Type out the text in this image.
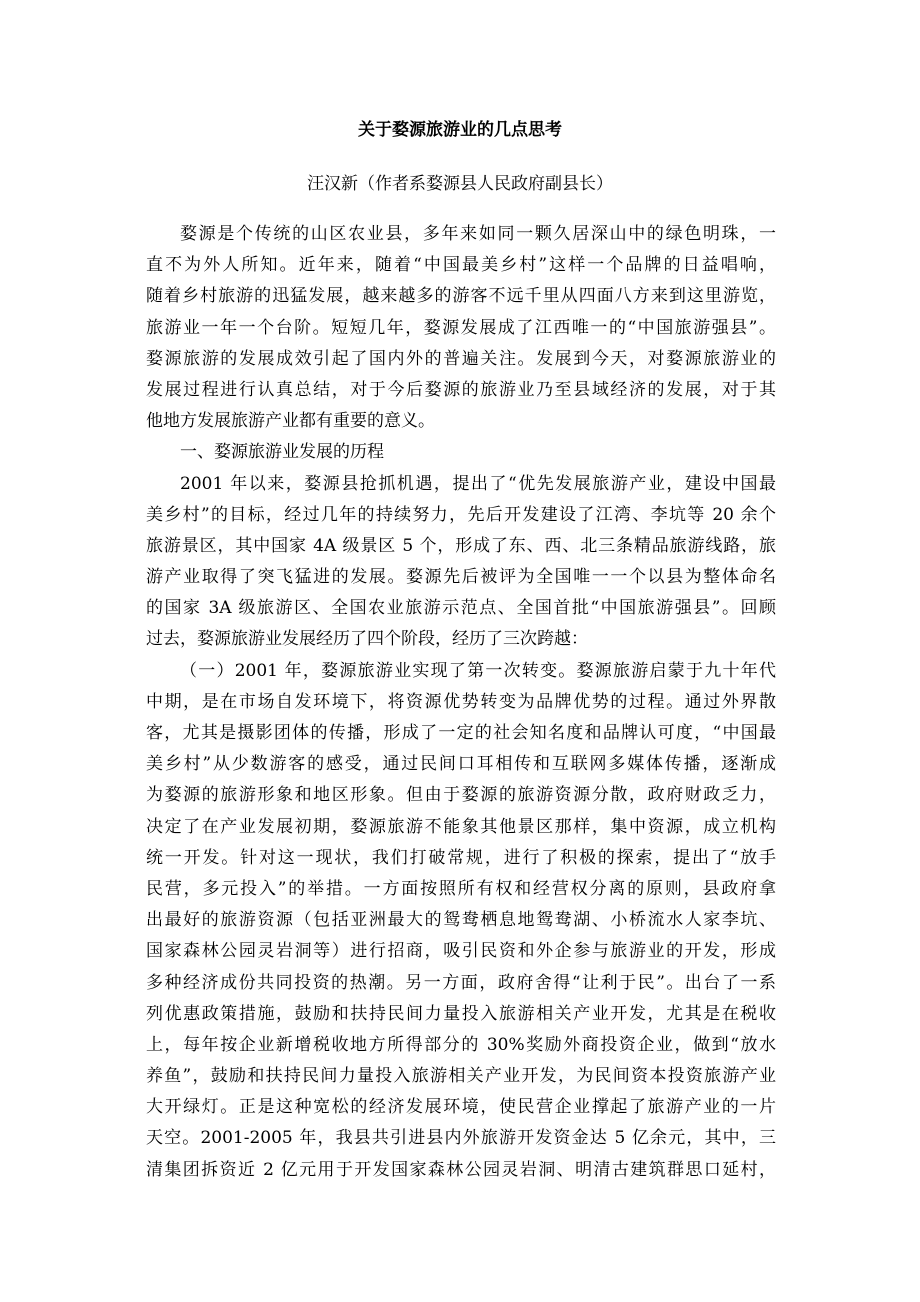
关于婺源旅游业的几点思考
汪汉新（作者系婺源县人民政府副县长）
婺源是个传统的山区农业县，多年来如同一颗久居深山中的绿色明珠，一
直不为外人所知。近年来，随着“中国最美乡村”这样一个品牌的日益唱响，
随着乡村旅游的迅猛发展，越来越多的游客不远千里从四面八方来到这里游览，
旅游业一年一个台阶。短短几年，婺源发展成了江西唯一的“中国旅游强县”。
婺源旅游的发展成效引起了国内外的普遍关注。发展到今天，对婺源旅游业的
发展过程进行认真总结，对于今后婺源的旅游业乃至县域经济的发展，对于其
他地方发展旅游产业都有重要的意义。
一、婺源旅游业发展的历程
2001 年以来，婺源县抢抓机遇，提出了“优先发展旅游产业，建设中国最
美乡村”的目标，经过几年的持续努力，先后开发建设了江湾、李坑等 20 余个
旅游景区，其中国家 4A 级景区 5 个，形成了东、西、北三条精品旅游线路，旅
游产业取得了突飞猛进的发展。婺源先后被评为全国唯一一个以县为整体命名
的国家 3A 级旅游区、全国农业旅游示范点、全国首批“中国旅游强县”。回顾
过去，婺源旅游业发展经历了四个阶段，经历了三次跨越：
（一）2001 年，婺源旅游业实现了第一次转变。婺源旅游启蒙于九十年代
中期，是在市场自发环境下，将资源优势转变为品牌优势的过程。通过外界散
客，尤其是摄影团体的传播，形成了一定的社会知名度和品牌认可度，“中国最
美乡村”从少数游客的感受，通过民间口耳相传和互联网多媒体传播，逐渐成
为婺源的旅游形象和地区形象。但由于婺源的旅游资源分散，政府财政乏力，
决定了在产业发展初期，婺源旅游不能象其他景区那样，集中资源，成立机构
统一开发。针对这一现状，我们打破常规，进行了积极的探索，提出了“放手
民营，多元投入”的举措。一方面按照所有权和经营权分离的原则，县政府拿
出最好的旅游资源（包括亚洲最大的鸳鸯栖息地鸳鸯湖、小桥流水人家李坑、
国家森林公园灵岩洞等）进行招商，吸引民资和外企参与旅游业的开发，形成
多种经济成份共同投资的热潮。另一方面，政府舍得“让利于民”。出台了一系
列优惠政策措施，鼓励和扶持民间力量投入旅游相关产业开发，尤其是在税收
上，每年按企业新增税收地方所得部分的 30%奖励外商投资企业，做到“放水
养鱼”，鼓励和扶持民间力量投入旅游相关产业开发，为民间资本投资旅游产业
大开绿灯。正是这种宽松的经济发展环境，使民营企业撑起了旅游产业的一片
天空。2001-2005 年，我县共引进县内外旅游开发资金达 5 亿余元，其中，三
清集团拆资近 2 亿元用于开发国家森林公园灵岩洞、明清古建筑群思口延村，
